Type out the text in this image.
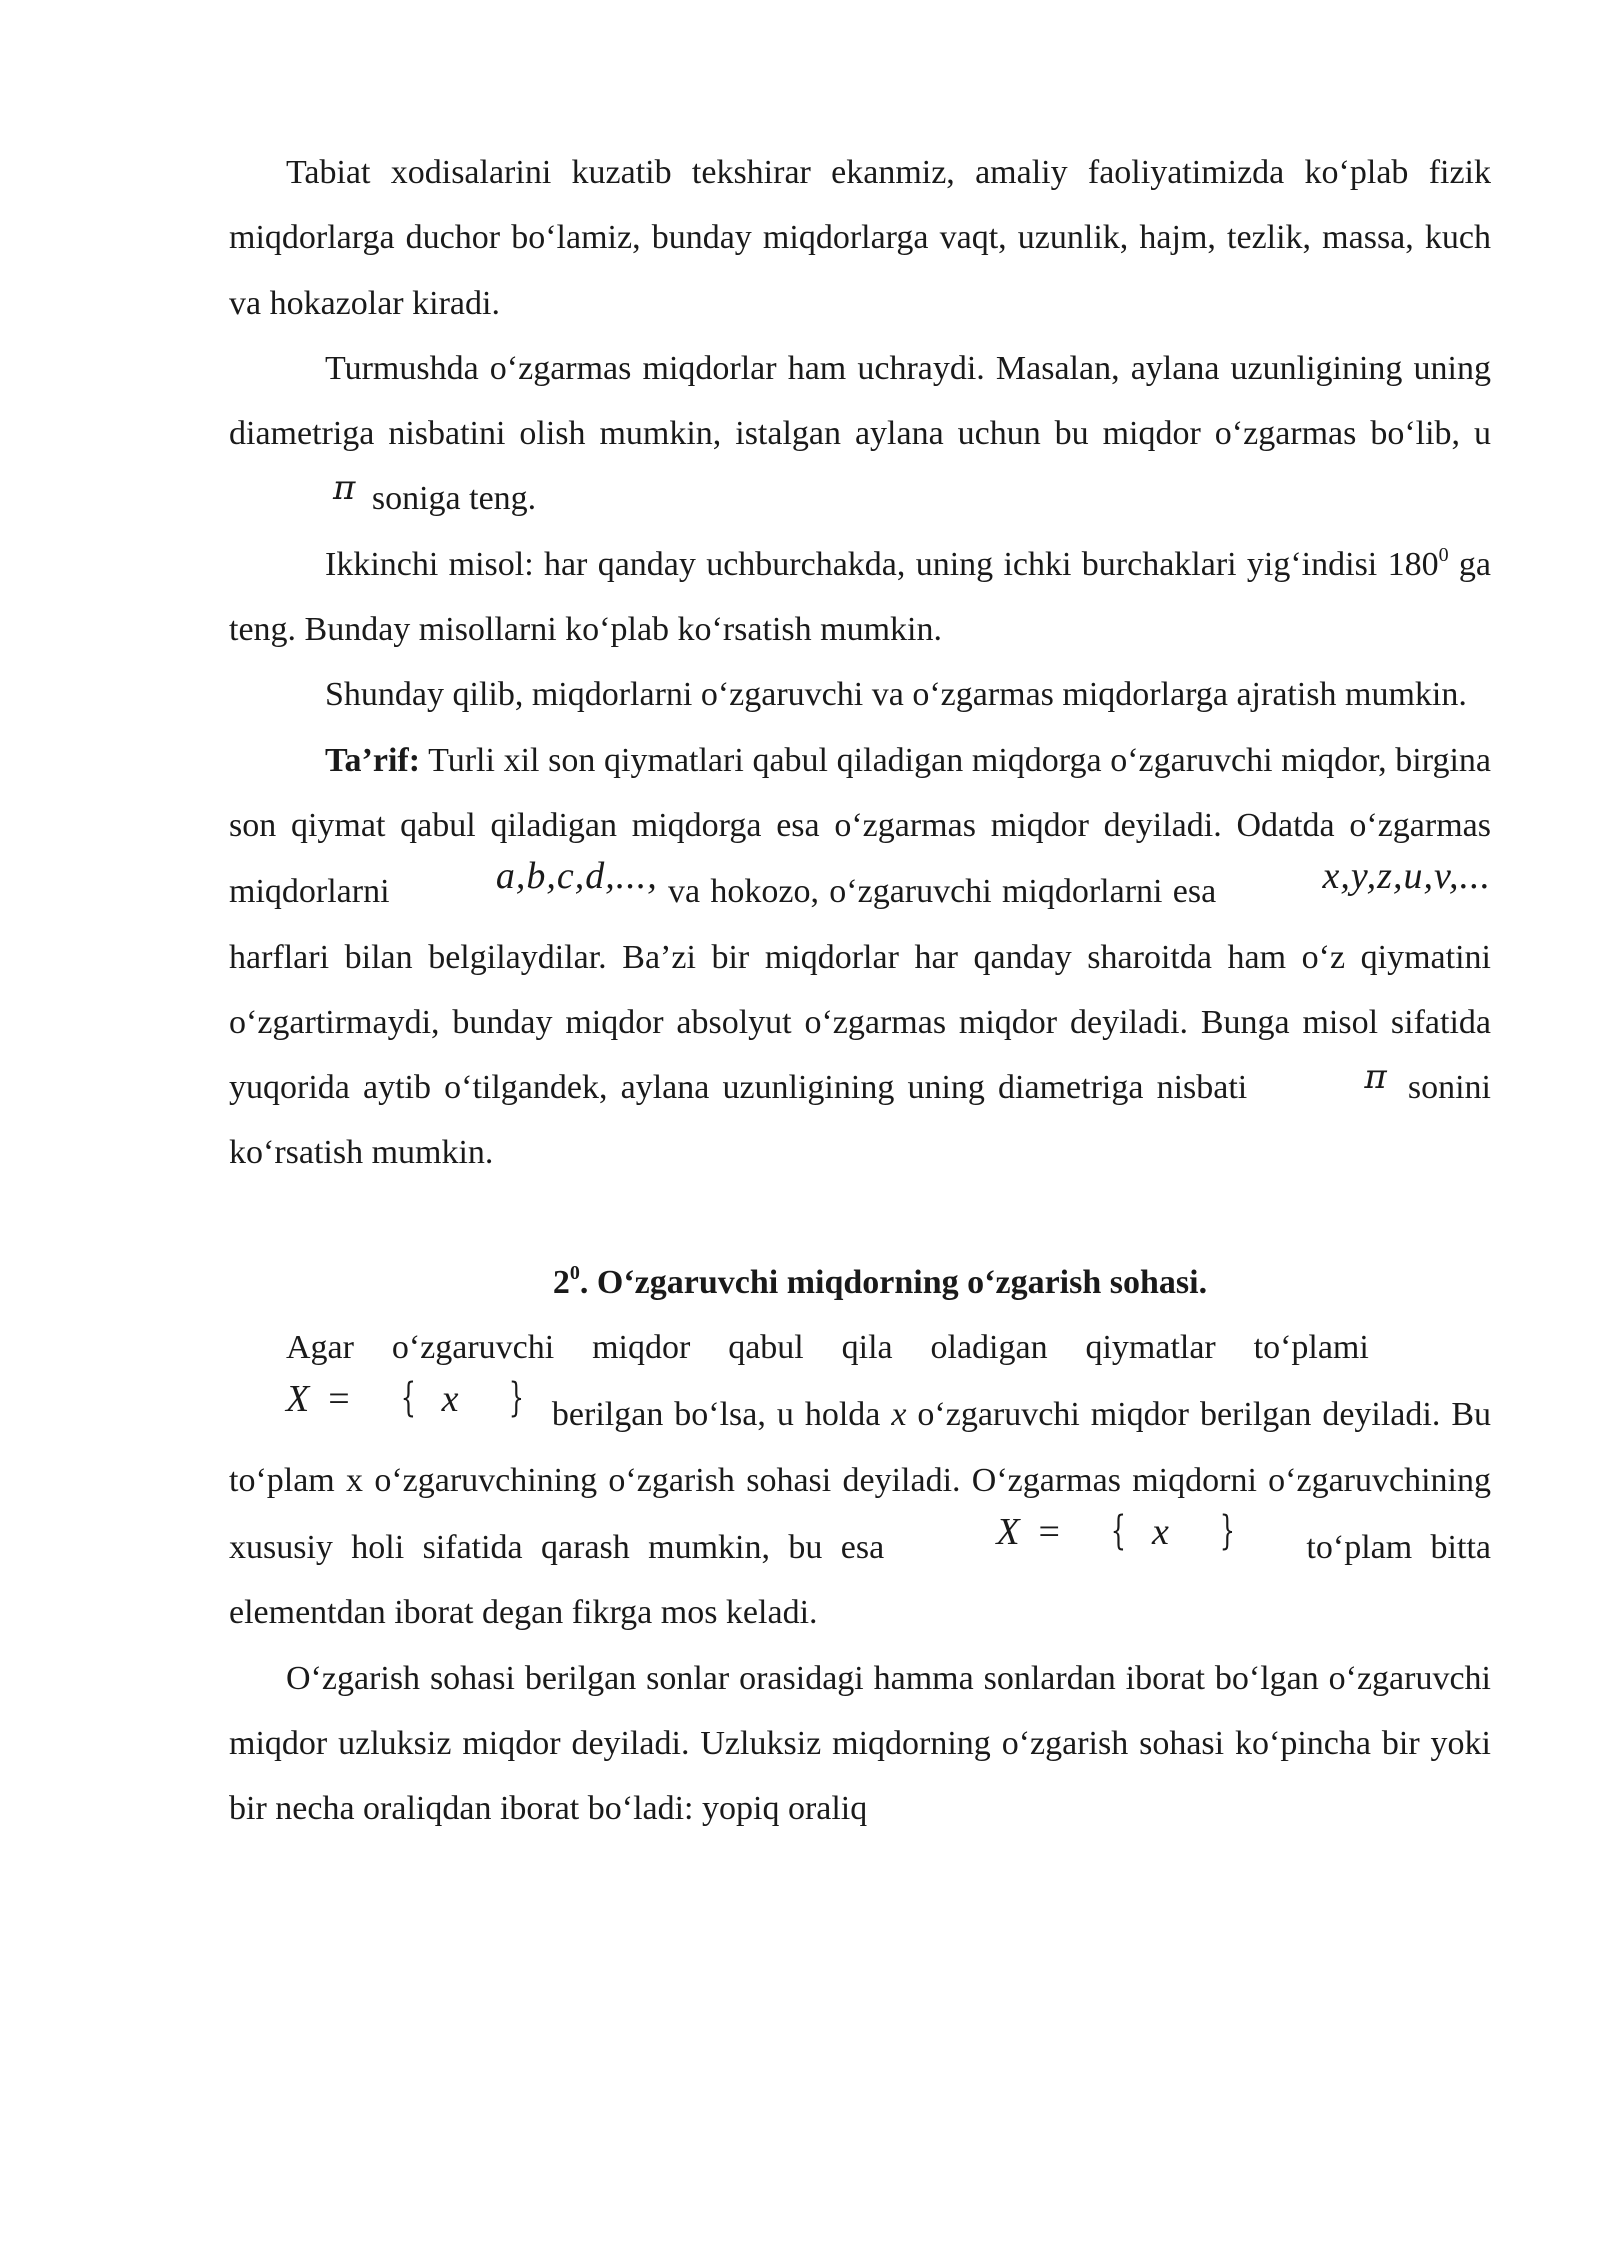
Tabiat xodisalarini kuzatib tekshirar ekanmiz, amaliy faoliyatimizda ko‘plab fizik miqdorlarga duchor bo‘lamiz, bunday miqdorlarga vaqt, uzunlik, hajm, tezlik, massa, kuch va hokazolar kiradi.

Turmushda o‘zgarmas miqdorlar ham uchraydi. Masalan, aylana uzunligining uning diametriga nisbatini olish mumkin, istalgan aylana uchun bu miqdor o‘zgarmas bo‘lib, u π soniga teng.

Ikkinchi misol: har qanday uchburchakda, uning ichki burchaklari yig‘indisi $180^0$ ga teng. Bunday misollarni ko‘plab ko‘rsatish mumkin.

Shunday qilib, miqdorlarni o‘zgaruvchi va o‘zgarmas miqdorlarga ajratish mumkin.

Ta’rif: Turli xil son qiymatlari qabul qiladigan miqdorga o‘zgaruvchi miqdor, birgina son qiymat qabul qiladigan miqdorga esa o‘zgarmas miqdor deyiladi. Odatda o‘zgarmas miqdorlarni	a,b,c,d,..., va hokozo, o‘zgaruvchi miqdorlarni esa	x,y,z,u,v,... harflari bilan belgilaydilar. Ba’zi bir miqdorlar har qanday sharoitda ham o‘z qiymatini o‘zgartirmaydi, bunday miqdor absolyut o‘zgarmas miqdor deyiladi. Bunga misol sifatida yuqorida aytib o‘tilgandek, aylana uzunligining uning diametriga nisbati	π sonini ko‘rsatish mumkin.

$2^0$. O‘zgaruvchi miqdorning o‘zgarish sohasi.

Agar o‘zgaruvchi miqdor qabul qila oladigan qiymatlar to‘plami    X = { x } berilgan bo‘lsa, u holda x o‘zgaruvchi miqdor berilgan deyiladi. Bu to‘plam x o‘zgaruvchining o‘zgarish sohasi deyiladi. O‘zgarmas miqdorni o‘zgaruvchining xususiy holi sifatida qarash mumkin, bu esa	X = { x } to‘plam bitta elementdan iborat degan fikrga mos keladi.

O‘zgarish sohasi berilgan sonlar orasidagi hamma sonlardan iborat bo‘lgan o‘zgaruvchi miqdor uzluksiz miqdor deyiladi. Uzluksiz miqdorning o‘zgarish sohasi ko‘pincha bir yoki bir necha oraliqdan iborat bo‘ladi: yopiq oraliq
